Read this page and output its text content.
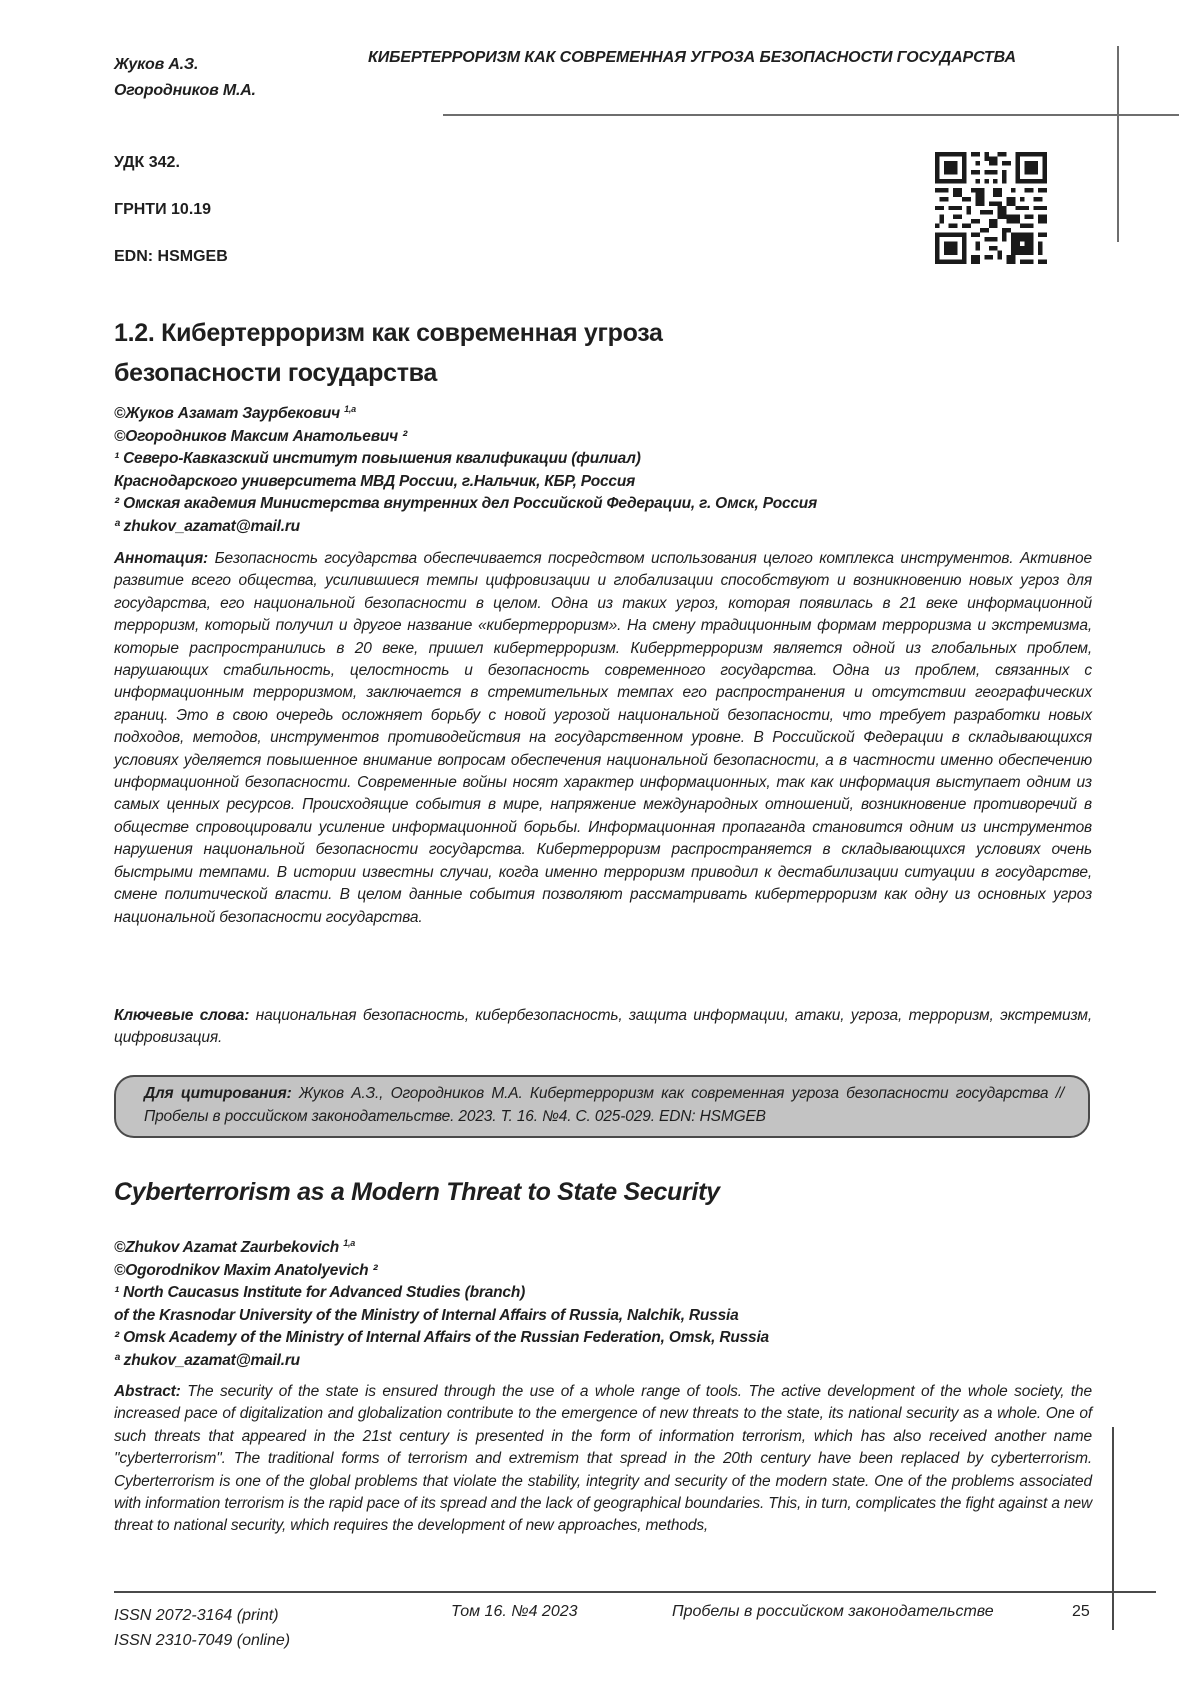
Жуков А.З.
Огородников М.А.
КИБЕРТЕРРОРИЗМ КАК СОВРЕМЕННАЯ УГРОЗА БЕЗОПАСНОСТИ ГОСУДАРСТВА
УДК 342.
ГРНТИ 10.19
EDN: HSMGEB
1.2. Кибертерроризм как современная угроза
безопасности государства
©Жуков Азамат Заурбекович $^{1,a}$
©Огородников Максим Анатольевич ²
¹ Северо-Кавказский институт повышения квалификации (филиал)
Краснодарского университета МВД России, г.Нальчик, КБР, Россия
² Омская академия Министерства внутренних дел Российской Федерации, г. Омск, Россия
ª zhukov_azamat@mail.ru
Аннотация: Безопасность государства обеспечивается посредством использования целого комплекса инструментов. Активное развитие всего общества, усилившиеся темпы цифровизации и глобализации способствуют и возникновению новых угроз для государства, его национальной безопасности в целом. Одна из таких угроз, которая появилась в 21 веке информационной терроризм, который получил и другое название «кибертерроризм». На смену традиционным формам терроризма и экстремизма, которые распространились в 20 веке, пришел кибертерроризм. Киберртерроризм является одной из глобальных проблем, нарушающих стабильность, целостность и безопасность современного государства. Одна из проблем, связанных с информационным терроризмом, заключается в стремительных темпах его распространения и отсутствии географических границ. Это в свою очередь осложняет борьбу с новой угрозой национальной безопасности, что требует разработки новых подходов, методов, инструментов противодействия на государственном уровне. В Российской Федерации в складывающихся условиях уделяется повышенное внимание вопросам обеспечения национальной безопасности, а в частности именно обеспечению информационной безопасности. Современные войны носят характер информационных, так как информация выступает одним из самых ценных ресурсов. Происходящие события в мире, напряжение международных отношений, возникновение противоречий в обществе спровоцировали усиление информационной борьбы. Информационная пропаганда становится одним из инструментов нарушения национальной безопасности государства. Кибертерроризм распространяется в складывающихся условиях очень быстрыми темпами. В истории известны случаи, когда именно терроризм приводил к дестабилизации ситуации в государстве, смене политической власти. В целом данные события позволяют рассматривать кибертерроризм как одну из основных угроз национальной безопасности государства.
Ключевые слова: национальная безопасность, кибербезопасность, защита информации, атаки, угроза, терроризм, экстремизм, цифровизация.
Для цитирования: Жуков А.З., Огородников М.А. Кибертерроризм как современная угроза безопасности государства // Пробелы в российском законодательстве. 2023. Т. 16. №4. С. 025-029. EDN: HSMGEB
Cyberterrorism as a Modern Threat to State Security
©Zhukov Azamat Zaurbekovich $^{1,a}$
©Ogorodnikov Maxim Anatolyevich ²
¹ North Caucasus Institute for Advanced Studies (branch)
of the Krasnodar University of the Ministry of Internal Affairs of Russia, Nalchik, Russia
² Omsk Academy of the Ministry of Internal Affairs of the Russian Federation, Omsk, Russia
ª zhukov_azamat@mail.ru
Abstract: The security of the state is ensured through the use of a whole range of tools. The active development of the whole society, the increased pace of digitalization and globalization contribute to the emergence of new threats to the state, its national security as a whole. One of such threats that appeared in the 21st century is presented in the form of information terrorism, which has also received another name "cyberterrorism". The traditional forms of terrorism and extremism that spread in the 20th century have been replaced by cyberterrorism. Cyberterrorism is one of the global problems that violate the stability, integrity and security of the modern state. One of the problems associated with information terrorism is the rapid pace of its spread and the lack of geographical boundaries. This, in turn, complicates the fight against a new threat to national security, which requires the development of new approaches, methods,
ISSN 2072-3164 (print)
ISSN 2310-7049 (online)
Том 16. №4 2023	Пробелы в российском законодательстве	25
